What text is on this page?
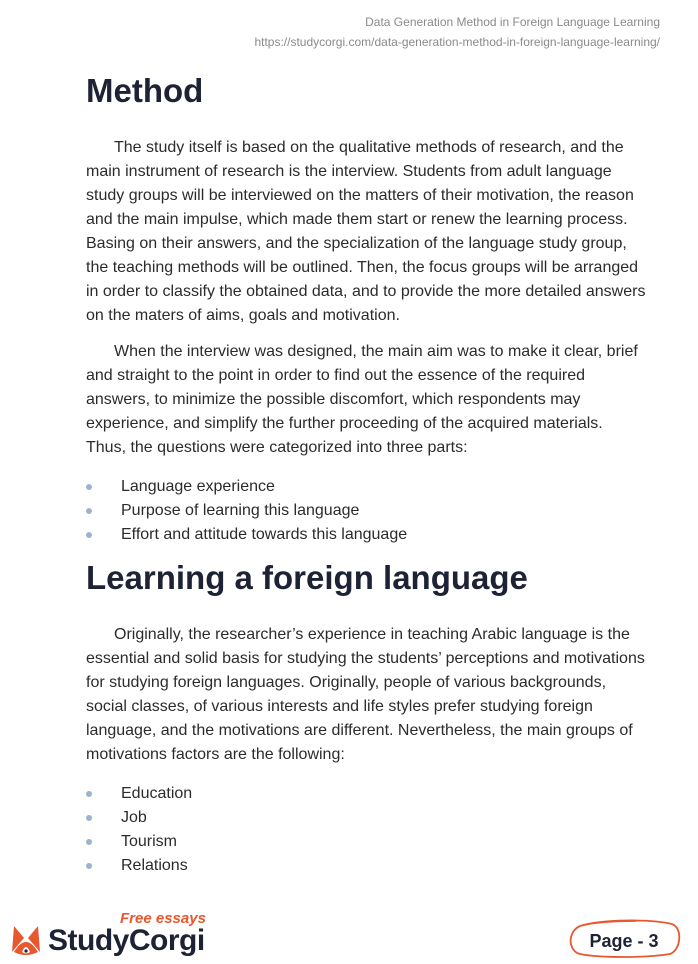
Data Generation Method in Foreign Language Learning
https://studycorgi.com/data-generation-method-in-foreign-language-learning/
Method

The study itself is based on the qualitative methods of research, and the main instrument of research is the interview. Students from adult language study groups will be interviewed on the matters of their motivation, the reason and the main impulse, which made them start or renew the learning process. Basing on their answers, and the specialization of the language study group, the teaching methods will be outlined. Then, the focus groups will be arranged in order to classify the obtained data, and to provide the more detailed answers on the maters of aims, goals and motivation.

When the interview was designed, the main aim was to make it clear, brief and straight to the point in order to find out the essence of the required answers, to minimize the possible discomfort, which respondents may experience, and simplify the further proceeding of the acquired materials. Thus, the questions were categorized into three parts:

Language experience
Purpose of learning this language
Effort and attitude towards this language
Learning a foreign language

Originally, the researcher’s experience in teaching Arabic language is the essential and solid basis for studying the students’ perceptions and motivations for studying foreign languages. Originally, people of various backgrounds, social classes, of various interests and life styles prefer studying foreign language, and the motivations are different. Nevertheless, the main groups of motivations factors are the following:

Education
Job
Tourism
Relations
Free essays
StudyCorgi	Page - 3
